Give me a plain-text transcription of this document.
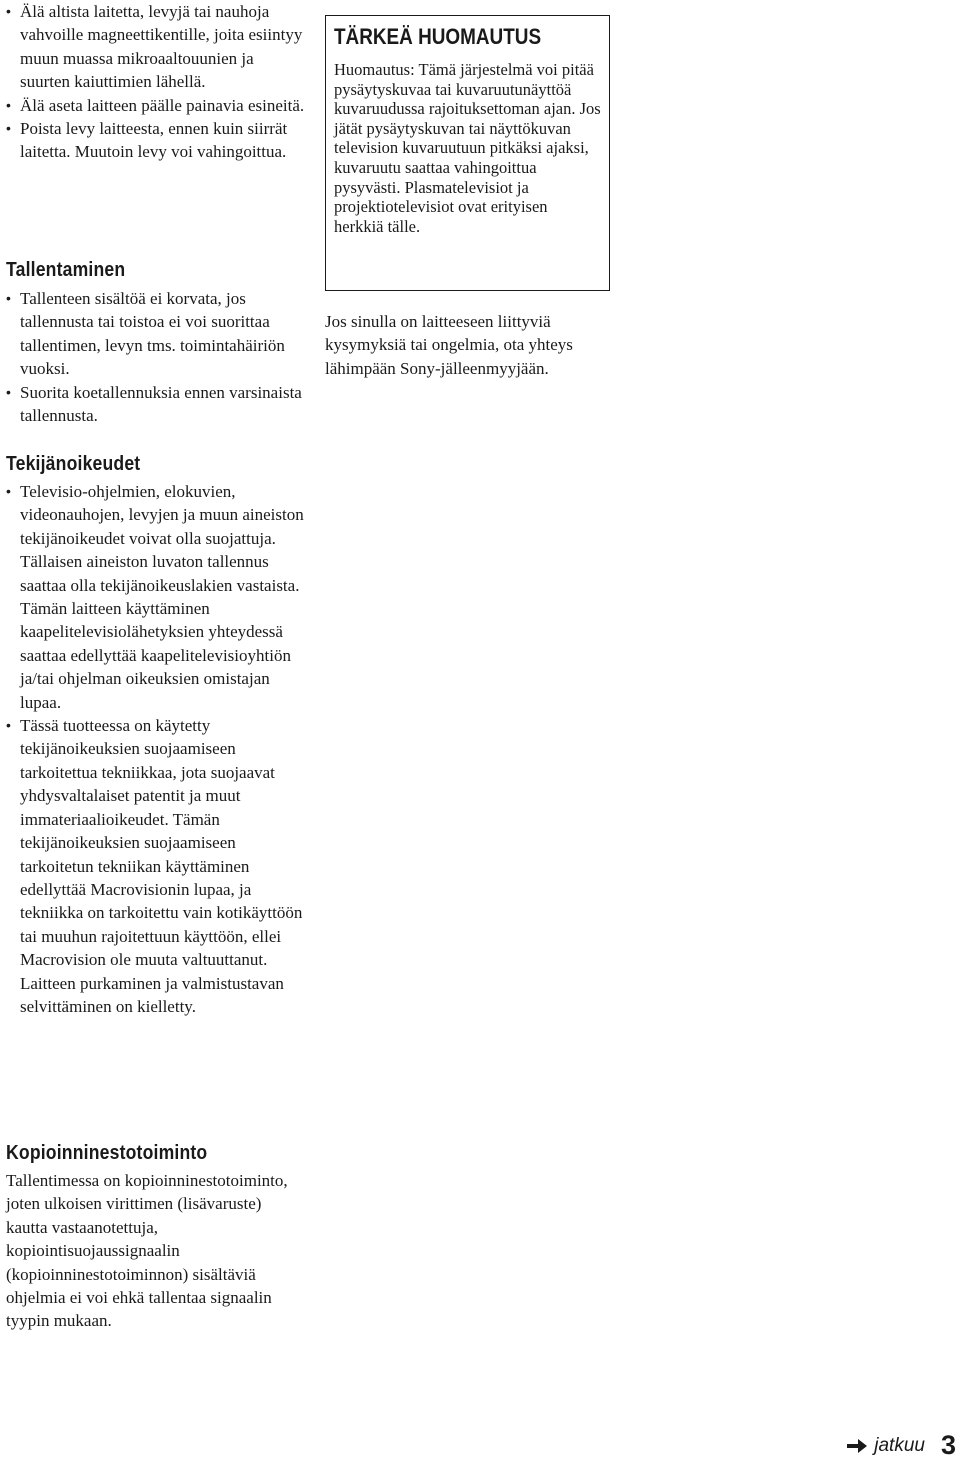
• Älä altista laitetta, levyjä tai nauhoja vahvoille magneettikentille, joita esiintyy muun muassa mikroaaltouunien ja suurten kaiuttimien lähellä.
• Älä aseta laitteen päälle painavia esineitä.
• Poista levy laitteesta, ennen kuin siirrät laitetta. Muutoin levy voi vahingoittua.
Tallentaminen
• Tallenteen sisältöä ei korvata, jos tallennusta tai toistoa ei voi suorittaa tallentimen, levyn tms. toimintahäiriön vuoksi.
• Suorita koetallennuksia ennen varsinaista tallennusta.
Tekijänoikeudet
• Televisio-ohjelmien, elokuvien, videonauhojen, levyjen ja muun aineiston tekijänoikeudet voivat olla suojattuja. Tällaisen aineiston luvaton tallennus saattaa olla tekijänoikeuslakien vastaista. Tämän laitteen käyttäminen kaapelitelevisiolähetyksien yhteydessä saattaa edellyttää kaapelitelevisioyhtiön ja/tai ohjelman oikeuksien omistajan lupaa.
• Tässä tuotteessa on käytetty tekijänoikeuksien suojaamiseen tarkoitettua tekniikkaa, jota suojaavat yhdysvaltalaiset patentit ja muut immateriaalioikeudet. Tämän tekijänoikeuksien suojaamiseen tarkoitetun tekniikan käyttäminen edellyttää Macrovisionin lupaa, ja tekniikka on tarkoitettu vain kotikäyttöön tai muuhun rajoitettuun käyttöön, ellei Macrovision ole muuta valtuuttanut. Laitteen purkaminen ja valmistustavan selvittäminen on kielletty.
Kopioinninestotoiminto

Tallentimessa on kopioinninestotoiminto, joten ulkoisen virittimen (lisävaruste) kautta vastaanotettuja, kopiointisuojaussignaalin (kopioinninestotoiminnon) sisältäviä ohjelmia ei voi ehkä tallentaa signaalin tyypin mukaan.

TÄRKEÄ HUOMAUTUS

Huomautus: Tämä järjestelmä voi pitää pysäytyskuvaa tai kuvaruutunäyttöä kuvaruudussa rajoituksettoman ajan. Jos jätät pysäytyskuvan tai näyttökuvan television kuvaruutuun pitkäksi ajaksi, kuvaruutu saattaa vahingoittua pysyvästi. Plasmatelevisiot ja projektiotelevisiot ovat erityisen herkkiä tälle.

Jos sinulla on laitteeseen liittyviä kysymyksiä tai ongelmia, ota yhteys lähimpään Sony-jälleenmyyjään.

jatkuu 3
